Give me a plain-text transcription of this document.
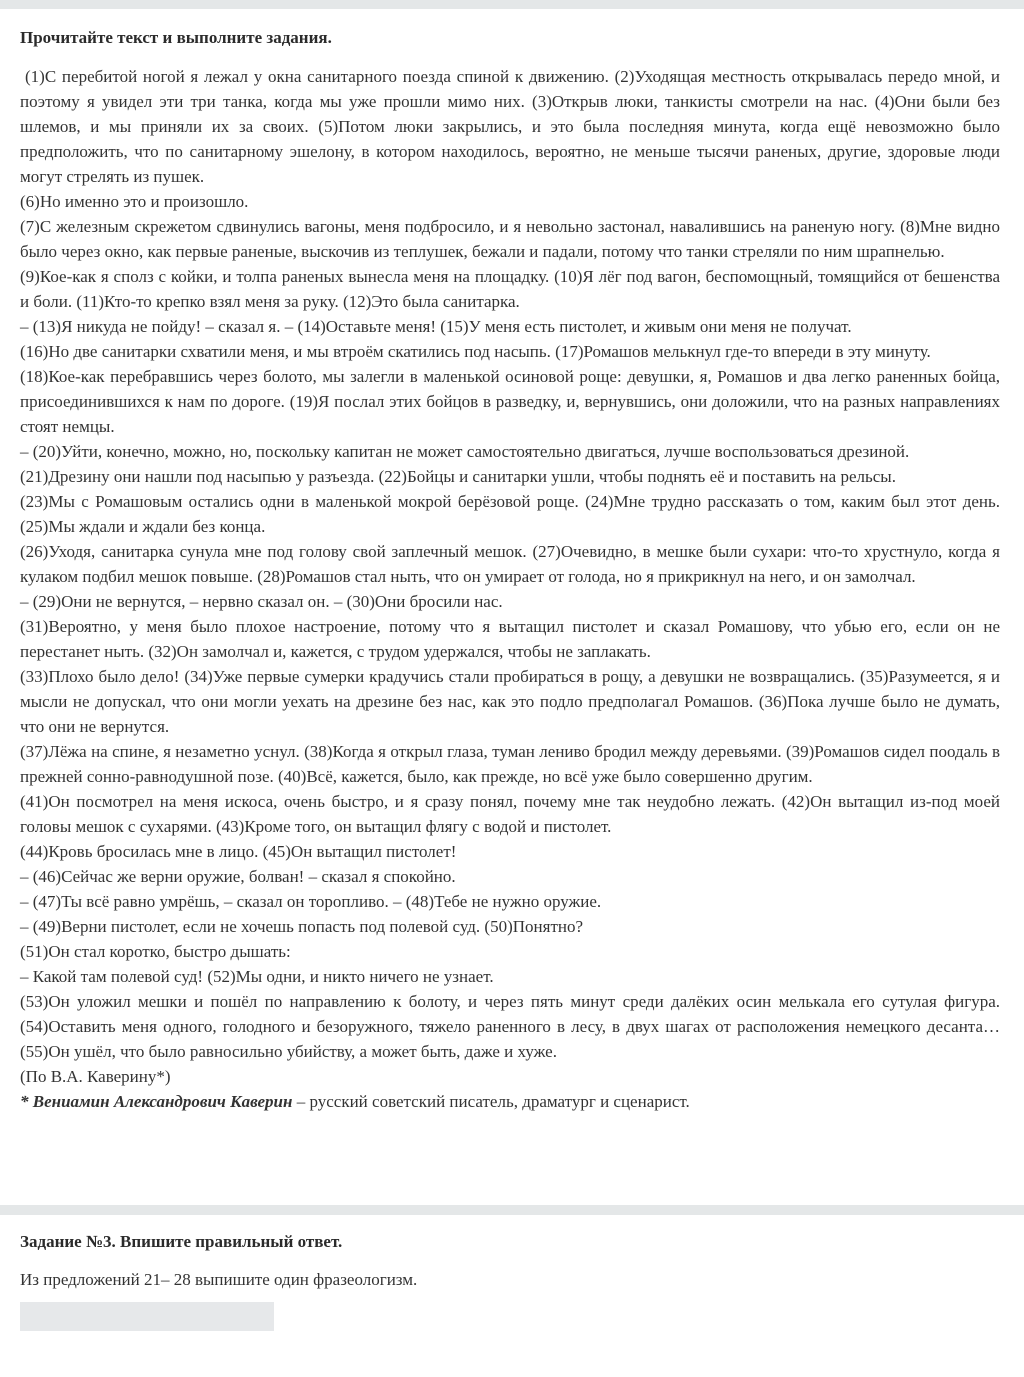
Прочитайте текст и выполните задания.

(1)С перебитой ногой я лежал у окна санитарного поезда спиной к движению. (2)Уходящая местность открывалась передо мной, и поэтому я увидел эти три танка, когда мы уже прошли мимо них. (3)Открыв люки, танкисты смотрели на нас. (4)Они были без шлемов, и мы приняли их за своих. (5)Потом люки закрылись, и это была последняя минута, когда ещё невозможно было предположить, что по санитарному эшелону, в котором находилось, вероятно, не меньше тысячи раненых, другие, здоровые люди могут стрелять из пушек.

(6)Но именно это и произошло.

(7)С железным скрежетом сдвинулись вагоны, меня подбросило, и я невольно застонал, навалившись на раненую ногу. (8)Мне видно было через окно, как первые раненые, выскочив из теплушек, бежали и падали, потому что танки стреляли по ним шрапнелью.

(9)Кое-как я сполз с койки, и толпа раненых вынесла меня на площадку. (10)Я лёг под вагон, беспомощный, томящийся от бешенства и боли. (11)Кто-то крепко взял меня за руку. (12)Это была санитарка.

– (13)Я никуда не пойду! – сказал я. – (14)Оставьте меня! (15)У меня есть пистолет, и живым они меня не получат.

(16)Но две санитарки схватили меня, и мы втроём скатились под насыпь. (17)Ромашов мелькнул где-то впереди в эту минуту.

(18)Кое-как перебравшись через болото, мы залегли в маленькой осиновой роще: девушки, я, Ромашов и два легко раненных бойца, присоединившихся к нам по дороге. (19)Я послал этих бойцов в разведку, и, вернувшись, они доложили, что на разных направлениях стоят немцы.

– (20)Уйти, конечно, можно, но, поскольку капитан не может самостоятельно двигаться, лучше воспользоваться дрезиной.

(21)Дрезину они нашли под насыпью у разъезда. (22)Бойцы и санитарки ушли, чтобы поднять её и поставить на рельсы.

(23)Мы с Ромашовым остались одни в маленькой мокрой берёзовой роще. (24)Мне трудно рассказать о том, каким был этот день. (25)Мы ждали и ждали без конца.

(26)Уходя, санитарка сунула мне под голову свой заплечный мешок. (27)Очевидно, в мешке были сухари: что-то хрустнуло, когда я кулаком подбил мешок повыше. (28)Ромашов стал ныть, что он умирает от голода, но я прикрикнул на него, и он замолчал.

– (29)Они не вернутся, – нервно сказал он. – (30)Они бросили нас.

(31)Вероятно, у меня было плохое настроение, потому что я вытащил пистолет и сказал Ромашову, что убью его, если он не перестанет ныть. (32)Он замолчал и, кажется, с трудом удержался, чтобы не заплакать.

(33)Плохо было дело! (34)Уже первые сумерки крадучись стали пробираться в рощу, а девушки не возвращались. (35)Разумеется, я и мысли не допускал, что они могли уехать на дрезине без нас, как это подло предполагал Ромашов. (36)Пока лучше было не думать, что они не вернутся.

(37)Лёжа на спине, я незаметно уснул. (38)Когда я открыл глаза, туман лениво бродил между деревьями. (39)Ромашов сидел поодаль в прежней сонно-равнодушной позе. (40)Всё, кажется, было, как прежде, но всё уже было совершенно другим.

(41)Он посмотрел на меня искоса, очень быстро, и я сразу понял, почему мне так неудобно лежать. (42)Он вытащил из-под моей головы мешок с сухарями. (43)Кроме того, он вытащил флягу с водой и пистолет.

(44)Кровь бросилась мне в лицо. (45)Он вытащил пистолет!

– (46)Сейчас же верни оружие, болван! – сказал я спокойно.

– (47)Ты всё равно умрёшь, – сказал он торопливо. – (48)Тебе не нужно оружие.

– (49)Верни пистолет, если не хочешь попасть под полевой суд. (50)Понятно?

(51)Он стал коротко, быстро дышать:

– Какой там полевой суд! (52)Мы одни, и никто ничего не узнает.

(53)Он уложил мешки и пошёл по направлению к болоту, и через пять минут среди далёких осин мелькала его сутулая фигура. (54)Оставить меня одного, голодного и безоружного, тяжело раненного в лесу, в двух шагах от расположения немецкого десанта… (55)Он ушёл, что было равносильно убийству, а может быть, даже и хуже.

(По В.А. Каверину*)

* Вениамин Александрович Каверин – русский советский писатель, драматург и сценарист.

Задание №3. Впишите правильный ответ.

Из предложений 21– 28 выпишите один фразеологизм.
